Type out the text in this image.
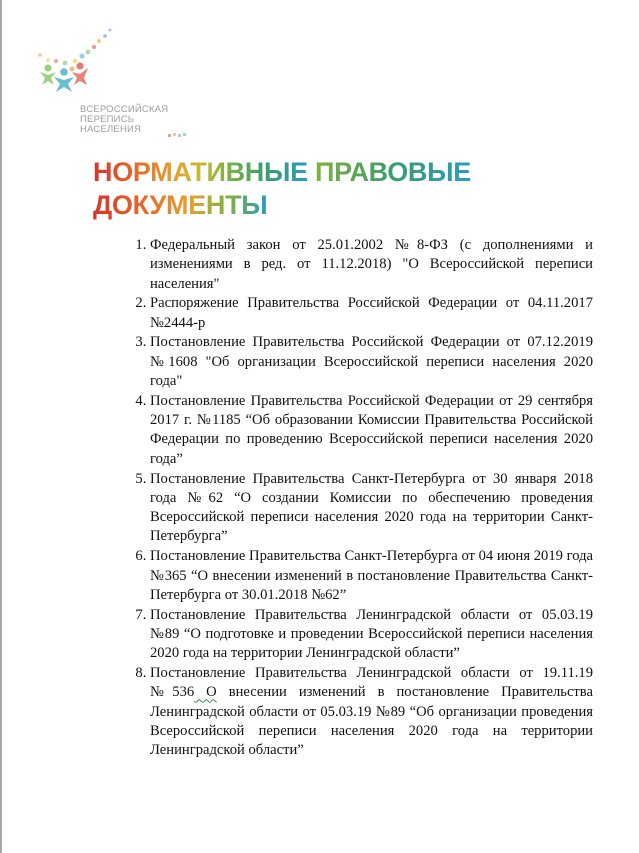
ВСЕРОССИЙСКАЯ
ПЕРЕПИСЬ
НАСЕЛЕНИЯ
НОРМАТИВНЫЕ ПРАВОВЫЕ
ДОКУМЕНТЫ
1. Федеральный закон от 25.01.2002 №8-ФЗ (с дополнениями и изменениями в ред. от 11.12.2018) "О Всероссийской переписи населения"
2. Распоряжение Правительства Российской Федерации от 04.11.2017 №2444-р
3. Постановление Правительства Российской Федерации от 07.12.2019 №1608 "Об организации Всероссийской переписи населения 2020 года"
4. Постановление Правительства Российской Федерации от 29 сентября 2017 г. №1185 “Об образовании Комиссии Правительства Российской Федерации по проведению Всероссийской переписи населения 2020 года”
5. Постановление Правительства Санкт-Петербурга от 30 января 2018 года №62 “О создании Комиссии по обеспечению проведения Всероссийской переписи населения 2020 года на территории Санкт-Петербурга”
6. Постановление Правительства Санкт-Петербурга от 04 июня 2019 года №365 “О внесении изменений в постановление Правительства Санкт-Петербурга от 30.01.2018 №62”
7. Постановление Правительства Ленинградской области от 05.03.19 №89 “О подготовке и проведении Всероссийской переписи населения 2020 года на территории Ленинградской области”
8. Постановление Правительства Ленинградской области от 19.11.19 №536 О внесении изменений в постановление Правительства Ленинградской области от 05.03.19 №89 “Об организации проведения Всероссийской переписи населения 2020 года на территории Ленинградской области”
